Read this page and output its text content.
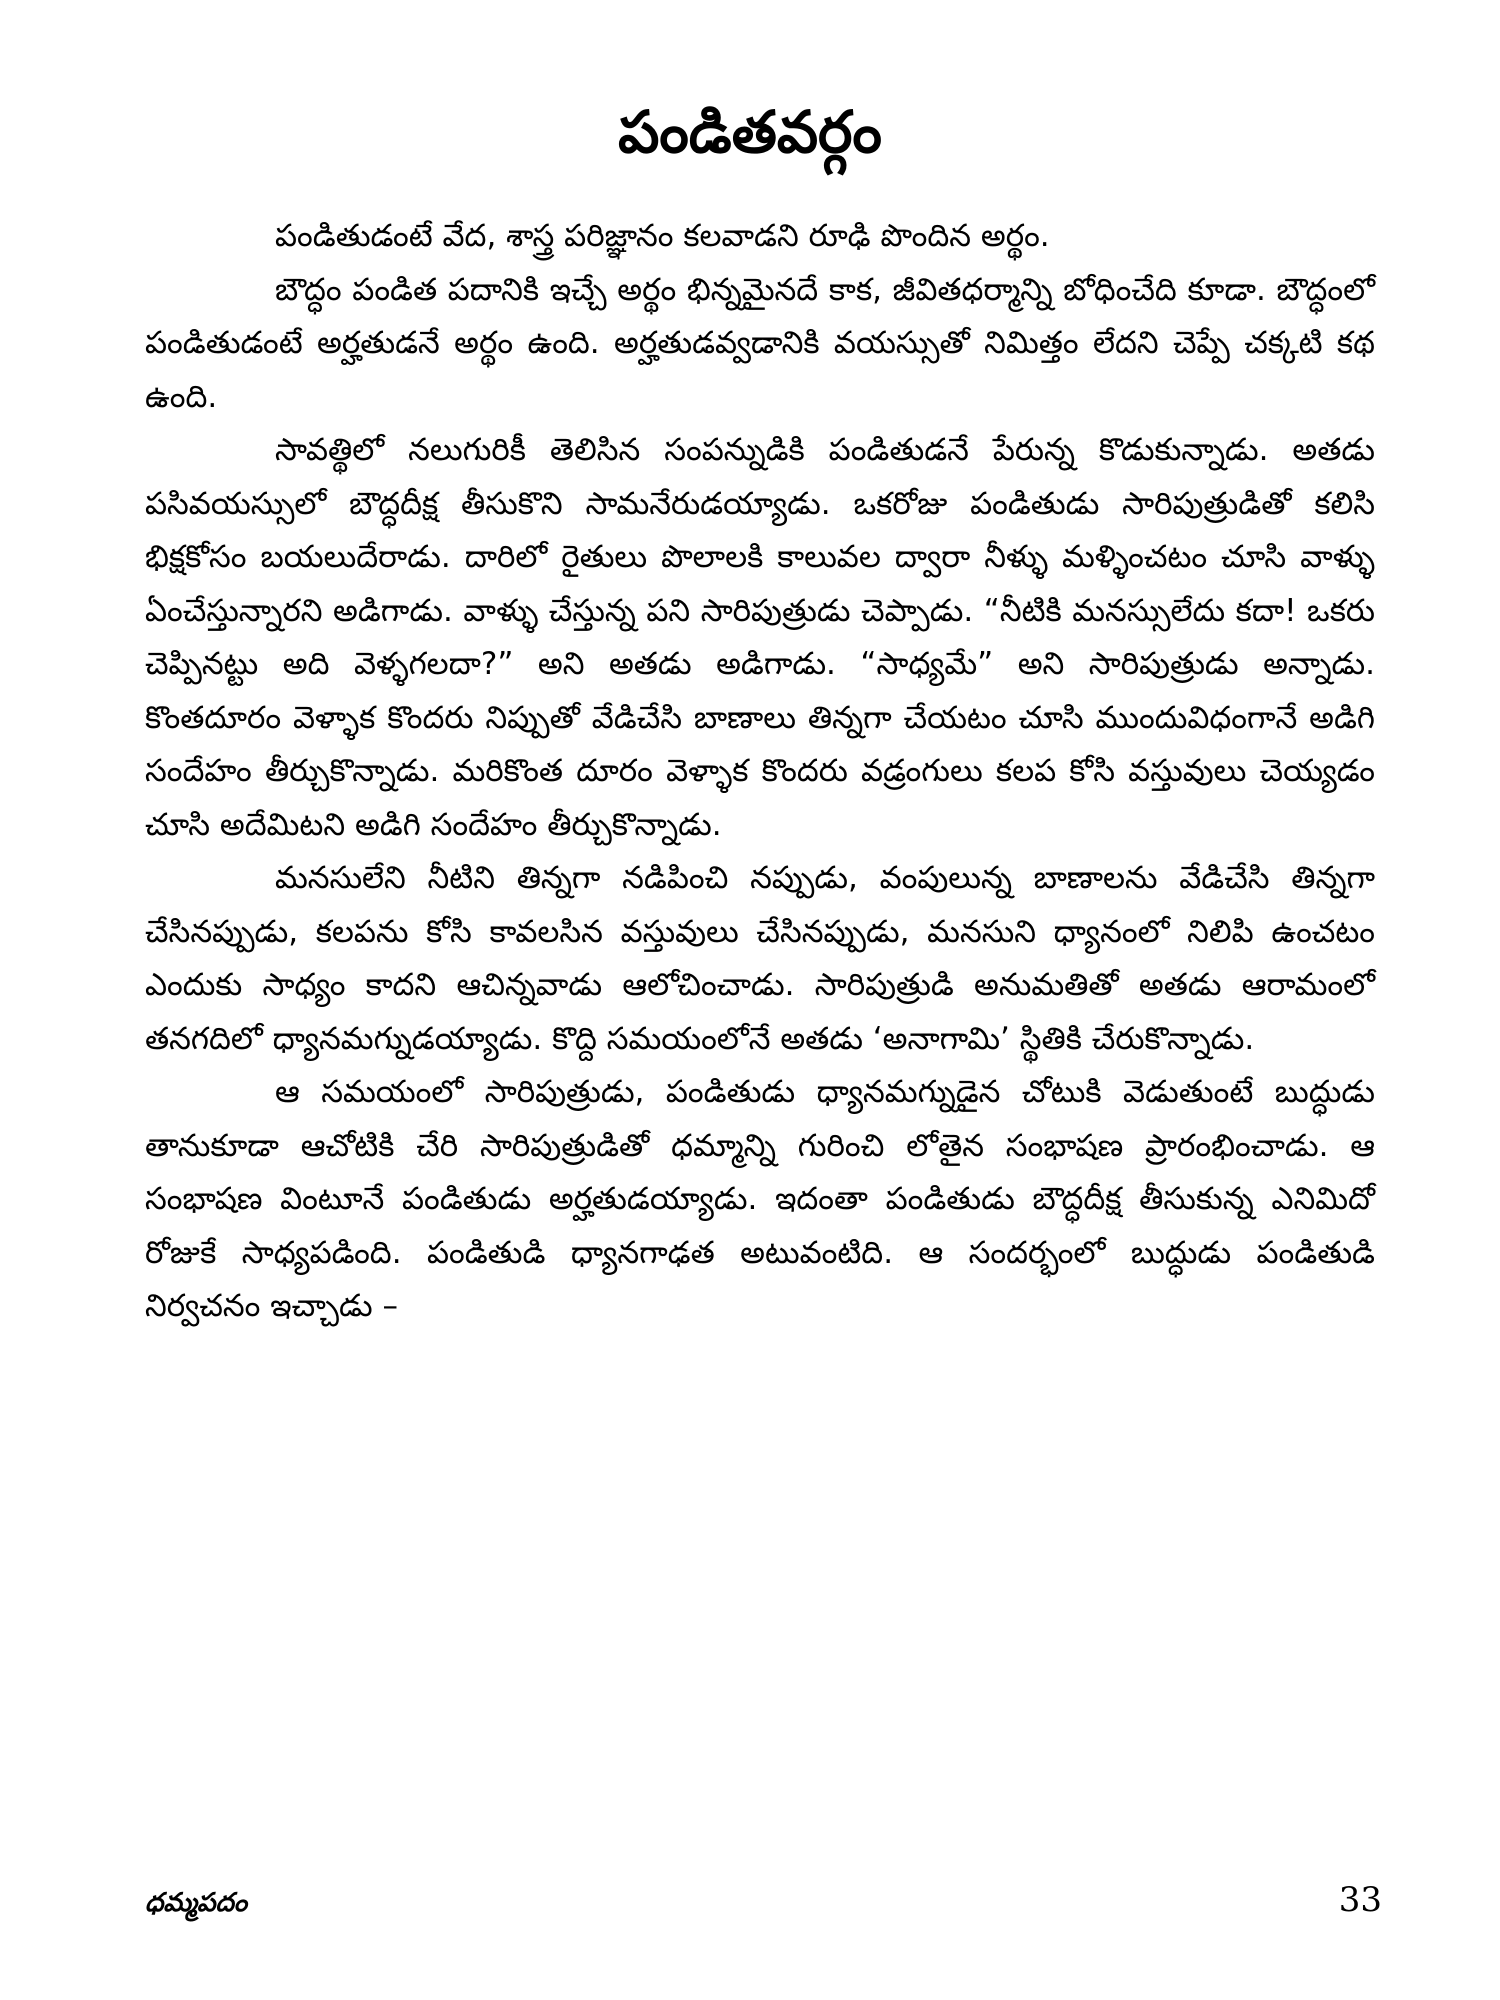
పండితవర్గం

పండితుడంటే వేద, శాస్త్ర పరిజ్ఞానం కలవాడని రూఢి పొందిన అర్థం.

బౌద్ధం పండిత పదానికి ఇచ్చే అర్థం భిన్నమైనదే కాక, జీవితధర్మాన్ని బోధించేది కూడా. బౌద్ధంలో పండితుడంటే అర్హతుడనే అర్థం ఉంది. అర్హతుడవ్వడానికి వయస్సుతో నిమిత్తం లేదని చెప్పే చక్కటి కథ ఉంది.

సావత్థిలో నలుగురికీ తెలిసిన సంపన్నుడికి పండితుడనే పేరున్న కొడుకున్నాడు. అతడు పసివయస్సులో బౌద్ధదీక్ష తీసుకొని సామనేరుడయ్యాడు. ఒకరోజు పండితుడు సారిపుత్రుడితో కలిసి భిక్షకోసం బయలుదేరాడు. దారిలో రైతులు పొలాలకి కాలువల ద్వారా నీళ్ళు మళ్ళించటం చూసి వాళ్ళు ఏంచేస్తున్నారని అడిగాడు. వాళ్ళు చేస్తున్న పని సారిపుత్రుడు చెప్పాడు. “నీటికి మనస్సులేదు కదా! ఒకరు చెప్పినట్టు అది వెళ్ళగలదా?” అని అతడు అడిగాడు. “సాధ్యమే” అని సారిపుత్రుడు అన్నాడు. కొంతదూరం వెళ్ళాక కొందరు నిప్పుతో వేడిచేసి బాణాలు తిన్నగా చేయటం చూసి ముందువిధంగానే అడిగి సందేహం తీర్చుకొన్నాడు. మరికొంత దూరం వెళ్ళాక కొందరు వడ్రంగులు కలప కోసి వస్తువులు చెయ్యడం చూసి అదేమిటని అడిగి సందేహం తీర్చుకొన్నాడు.

మనసులేని నీటిని తిన్నగా నడిపించి నప్పుడు, వంపులున్న బాణాలను వేడిచేసి తిన్నగా చేసినప్పుడు, కలపను కోసి కావలసిన వస్తువులు చేసినప్పుడు, మనసుని ధ్యానంలో నిలిపి ఉంచటం ఎందుకు సాధ్యం కాదని ఆచిన్నవాడు ఆలోచించాడు. సారిపుత్రుడి అనుమతితో అతడు ఆరామంలో తనగదిలో ధ్యానమగ్నుడయ్యాడు. కొద్ది సమయంలోనే అతడు ‘అనాగామి’ స్థితికి చేరుకొన్నాడు.

ఆ సమయంలో సారిపుత్రుడు, పండితుడు ధ్యానమగ్నుడైన చోటుకి వెడుతుంటే బుద్ధుడు తానుకూడా ఆచోటికి చేరి సారిపుత్రుడితో ధమ్మాన్ని గురించి లోతైన సంభాషణ ప్రారంభించాడు. ఆ సంభాషణ వింటూనే పండితుడు అర్హతుడయ్యాడు. ఇదంతా పండితుడు బౌద్ధదీక్ష తీసుకున్న ఎనిమిదో రోజుకే సాధ్యపడింది. పండితుడి ధ్యానగాఢత అటువంటిది. ఆ సందర్భంలో బుద్ధుడు పండితుడి నిర్వచనం ఇచ్చాడు –

ధమ్మపదం	33
